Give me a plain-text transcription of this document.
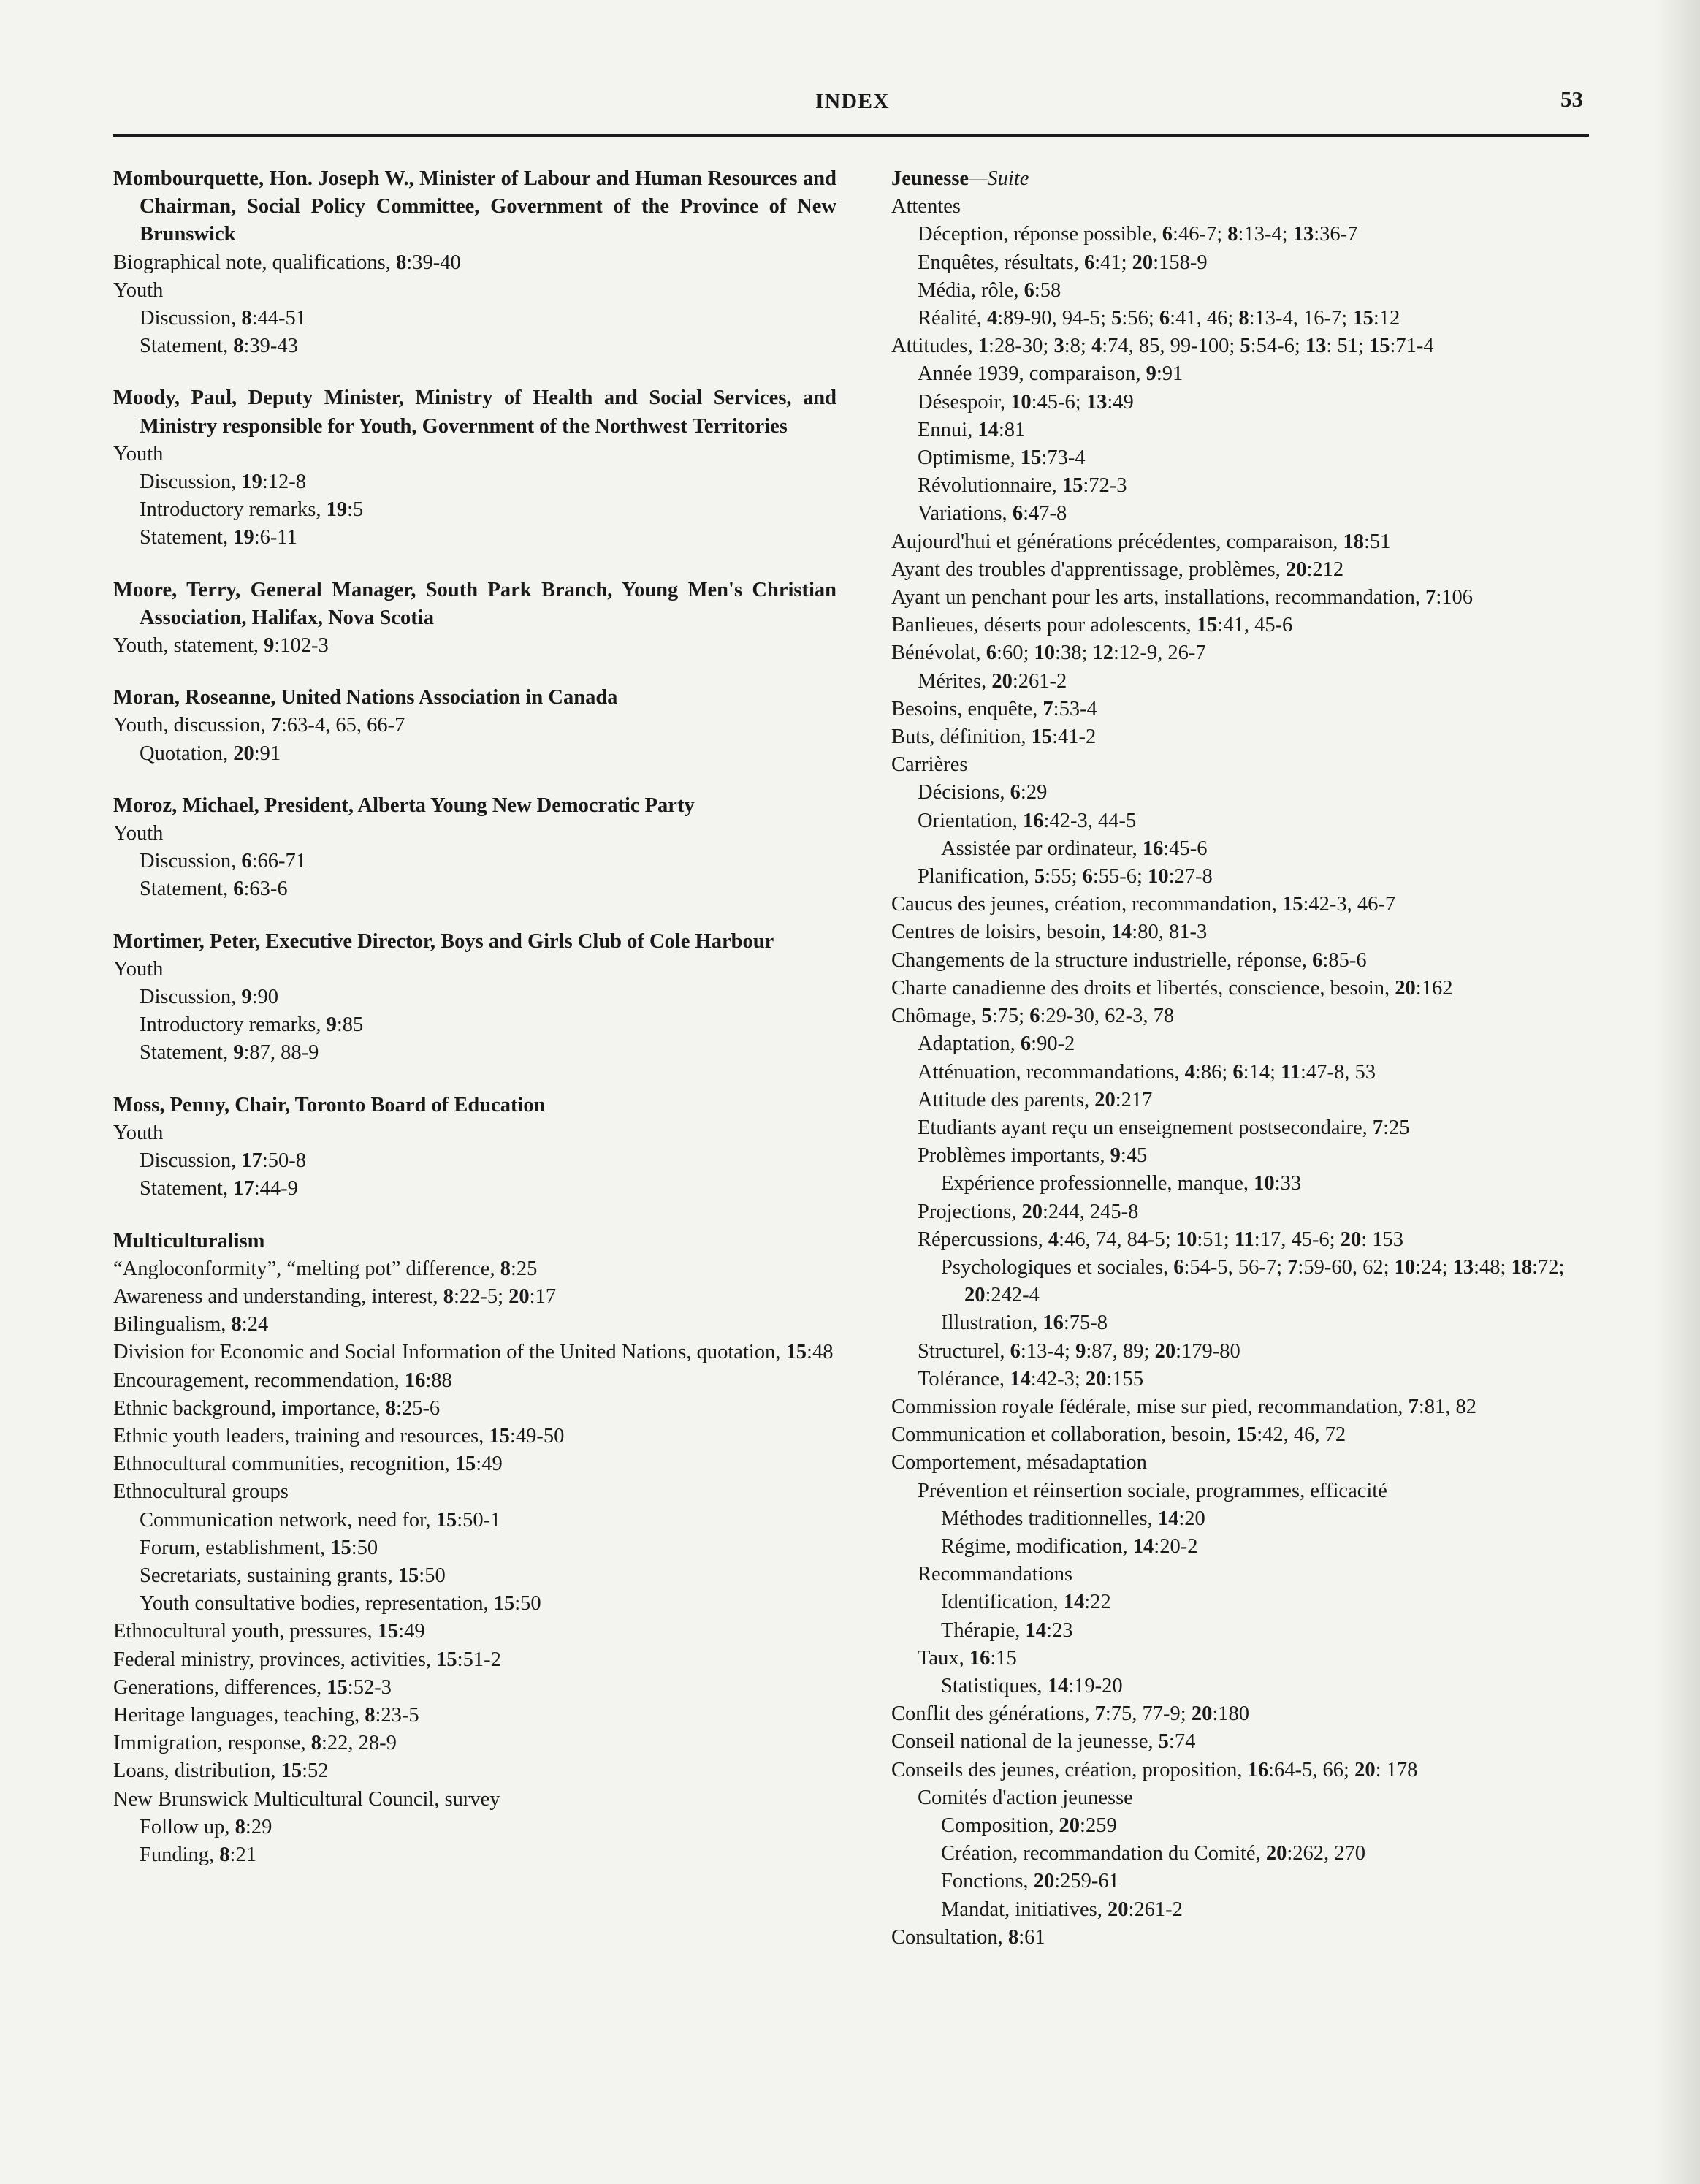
INDEX	53
Mombourquette, Hon. Joseph W., Minister of Labour and Human Resources and Chairman, Social Policy Committee, Government of the Province of New Brunswick
Biographical note, qualifications, 8:39-40
Youth
Discussion, 8:44-51
Statement, 8:39-43
Moody, Paul, Deputy Minister, Ministry of Health and Social Services, and Ministry responsible for Youth, Government of the Northwest Territories
Youth
Discussion, 19:12-8
Introductory remarks, 19:5
Statement, 19:6-11
Moore, Terry, General Manager, South Park Branch, Young Men's Christian Association, Halifax, Nova Scotia
Youth, statement, 9:102-3
Moran, Roseanne, United Nations Association in Canada
Youth, discussion, 7:63-4, 65, 66-7
Quotation, 20:91
Moroz, Michael, President, Alberta Young New Democratic Party
Youth
Discussion, 6:66-71
Statement, 6:63-6
Mortimer, Peter, Executive Director, Boys and Girls Club of Cole Harbour
Youth
Discussion, 9:90
Introductory remarks, 9:85
Statement, 9:87, 88-9
Moss, Penny, Chair, Toronto Board of Education
Youth
Discussion, 17:50-8
Statement, 17:44-9
Multiculturalism
“Angloconformity”, “melting pot” difference, 8:25
Awareness and understanding, interest, 8:22-5; 20:17
Bilingualism, 8:24
Division for Economic and Social Information of the United Nations, quotation, 15:48
Encouragement, recommendation, 16:88
Ethnic background, importance, 8:25-6
Ethnic youth leaders, training and resources, 15:49-50
Ethnocultural communities, recognition, 15:49
Ethnocultural groups
Communication network, need for, 15:50-1
Forum, establishment, 15:50
Secretariats, sustaining grants, 15:50
Youth consultative bodies, representation, 15:50
Ethnocultural youth, pressures, 15:49
Federal ministry, provinces, activities, 15:51-2
Generations, differences, 15:52-3
Heritage languages, teaching, 8:23-5
Immigration, response, 8:22, 28-9
Loans, distribution, 15:52
New Brunswick Multicultural Council, survey
Follow up, 8:29
Funding, 8:21
Jeunesse—Suite
Attentes
Déception, réponse possible, 6:46-7; 8:13-4; 13:36-7
Enquêtes, résultats, 6:41; 20:158-9
Média, rôle, 6:58
Réalité, 4:89-90, 94-5; 5:56; 6:41, 46; 8:13-4, 16-7; 15:12
Attitudes, 1:28-30; 3:8; 4:74, 85, 99-100; 5:54-6; 13: 51; 15:71-4
Année 1939, comparaison, 9:91
Désespoir, 10:45-6; 13:49
Ennui, 14:81
Optimisme, 15:73-4
Révolutionnaire, 15:72-3
Variations, 6:47-8
Aujourd'hui et générations précédentes, comparaison, 18:51
Ayant des troubles d'apprentissage, problèmes, 20:212
Ayant un penchant pour les arts, installations, recommandation, 7:106
Banlieues, déserts pour adolescents, 15:41, 45-6
Bénévolat, 6:60; 10:38; 12:12-9, 26-7
Mérites, 20:261-2
Besoins, enquête, 7:53-4
Buts, définition, 15:41-2
Carrières
Décisions, 6:29
Orientation, 16:42-3, 44-5
Assistée par ordinateur, 16:45-6
Planification, 5:55; 6:55-6; 10:27-8
Caucus des jeunes, création, recommandation, 15:42-3, 46-7
Centres de loisirs, besoin, 14:80, 81-3
Changements de la structure industrielle, réponse, 6:85-6
Charte canadienne des droits et libertés, conscience, besoin, 20:162
Chômage, 5:75; 6:29-30, 62-3, 78
Adaptation, 6:90-2
Atténuation, recommandations, 4:86; 6:14; 11:47-8, 53
Attitude des parents, 20:217
Etudiants ayant reçu un enseignement postsecondaire, 7:25
Problèmes importants, 9:45
Expérience professionnelle, manque, 10:33
Projections, 20:244, 245-8
Répercussions, 4:46, 74, 84-5; 10:51; 11:17, 45-6; 20: 153
Psychologiques et sociales, 6:54-5, 56-7; 7:59-60, 62; 10:24; 13:48; 18:72; 20:242-4
Illustration, 16:75-8
Structurel, 6:13-4; 9:87, 89; 20:179-80
Tolérance, 14:42-3; 20:155
Commission royale fédérale, mise sur pied, recommandation, 7:81, 82
Communication et collaboration, besoin, 15:42, 46, 72
Comportement, mésadaptation
Prévention et réinsertion sociale, programmes, efficacité
Méthodes traditionnelles, 14:20
Régime, modification, 14:20-2
Recommandations
Identification, 14:22
Thérapie, 14:23
Taux, 16:15
Statistiques, 14:19-20
Conflit des générations, 7:75, 77-9; 20:180
Conseil national de la jeunesse, 5:74
Conseils des jeunes, création, proposition, 16:64-5, 66; 20: 178
Comités d'action jeunesse
Composition, 20:259
Création, recommandation du Comité, 20:262, 270
Fonctions, 20:259-61
Mandat, initiatives, 20:261-2
Consultation, 8:61
